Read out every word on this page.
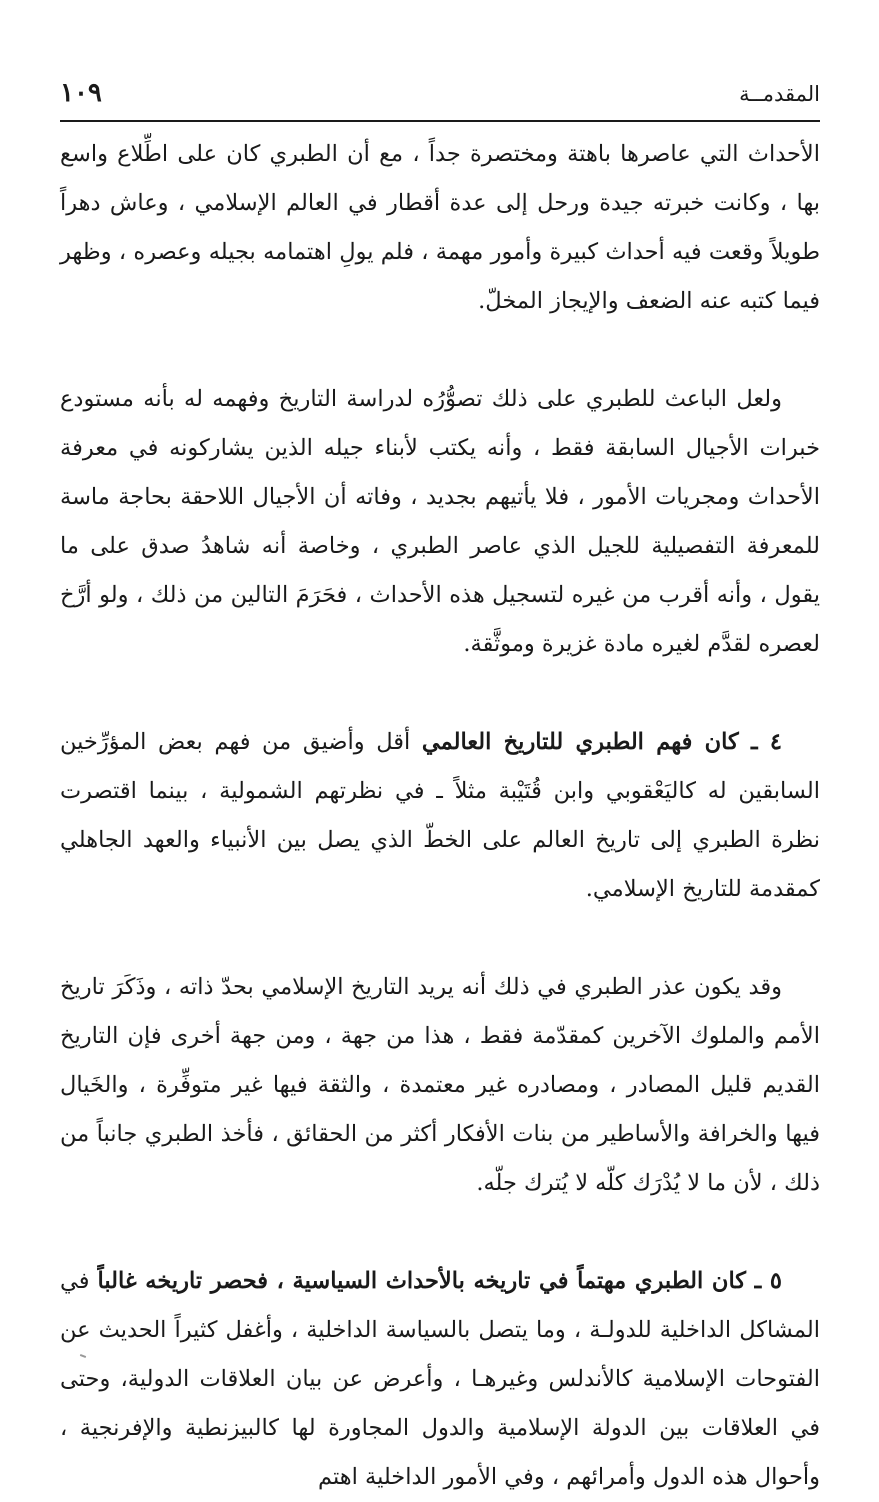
المقدمــة
١٠٩

الأحداث التي عاصرها باهتة ومختصرة جداً ، مع أن الطبري كان على اطِّلاع واسع بها ، وكانت خبرته جيدة ورحل إلى عدة أقطار في العالم الإسلامي ، وعاش دهراً طويلاً وقعت فيه أحداث كبيرة وأمور مهمة ، فلم يولِ اهتمامه بجيله وعصره ، وظهر فيما كتبه عنه الضعف والإيجاز المخلّ.

ولعل الباعث للطبري على ذلك تصوُّرُه لدراسة التاريخ وفهمه له بأنه مستودع خبرات الأجيال السابقة فقط ، وأنه يكتب لأبناء جيله الذين يشاركونه في معرفة الأحداث ومجريات الأمور ، فلا يأتيهم بجديد ، وفاته أن الأجيال اللاحقة بحاجة ماسة للمعرفة التفصيلية للجيل الذي عاصر الطبري ، وخاصة أنه شاهدُ صدق على ما يقول ، وأنه أقرب من غيره لتسجيل هذه الأحداث ، فحَرَمَ التالين من ذلك ، ولو أرَّخ لعصره لقدَّم لغيره مادة غزيرة وموثَّقة.

٤ ـ كان فهم الطبري للتاريخ العالمي أقل وأضيق من فهم بعض المؤرِّخين السابقين له كاليَعْقوبي وابن قُتَيْبة مثلاً ـ في نظرتهم الشمولية ، بينما اقتصرت نظرة الطبري إلى تاريخ العالم على الخطّ الذي يصل بين الأنبياء والعهد الجاهلي كمقدمة للتاريخ الإسلامي.

وقد يكون عذر الطبري في ذلك أنه يريد التاريخ الإسلامي بحدّ ذاته ، وذَكَرَ تاريخ الأمم والملوك الآخرين كمقدّمة فقط ، هذا من جهة ، ومن جهة أخرى فإن التاريخ القديم قليل المصادر ، ومصادره غير معتمدة ، والثقة فيها غير متوفِّرة ، والخَيال فيها والخرافة والأساطير من بنات الأفكار أكثر من الحقائق ، فأخذ الطبري جانباً من ذلك ، لأن ما لا يُدْرَك كلّه لا يُترك جلّه.

٥ ـ كان الطبري مهتماً في تاريخه بالأحداث السياسية ، فحصر تاريخه غالباً في المشاكل الداخلية للدولـة ، وما يتصل بالسياسة الداخلية ، وأغفل كثيراً الحديث عن الفتوحات الإسلامية كالأندلس وغيرهـا ، وأعرض عن بيان العلاقات الدولية، وحتى في العلاقات بين الدولة الإسلامية والدول المجاورة لها كالبيزنطية والإفرنجية ، وأحوال هذه الدول وأمرائهم ، وفي الأمور الداخلية اهتم
